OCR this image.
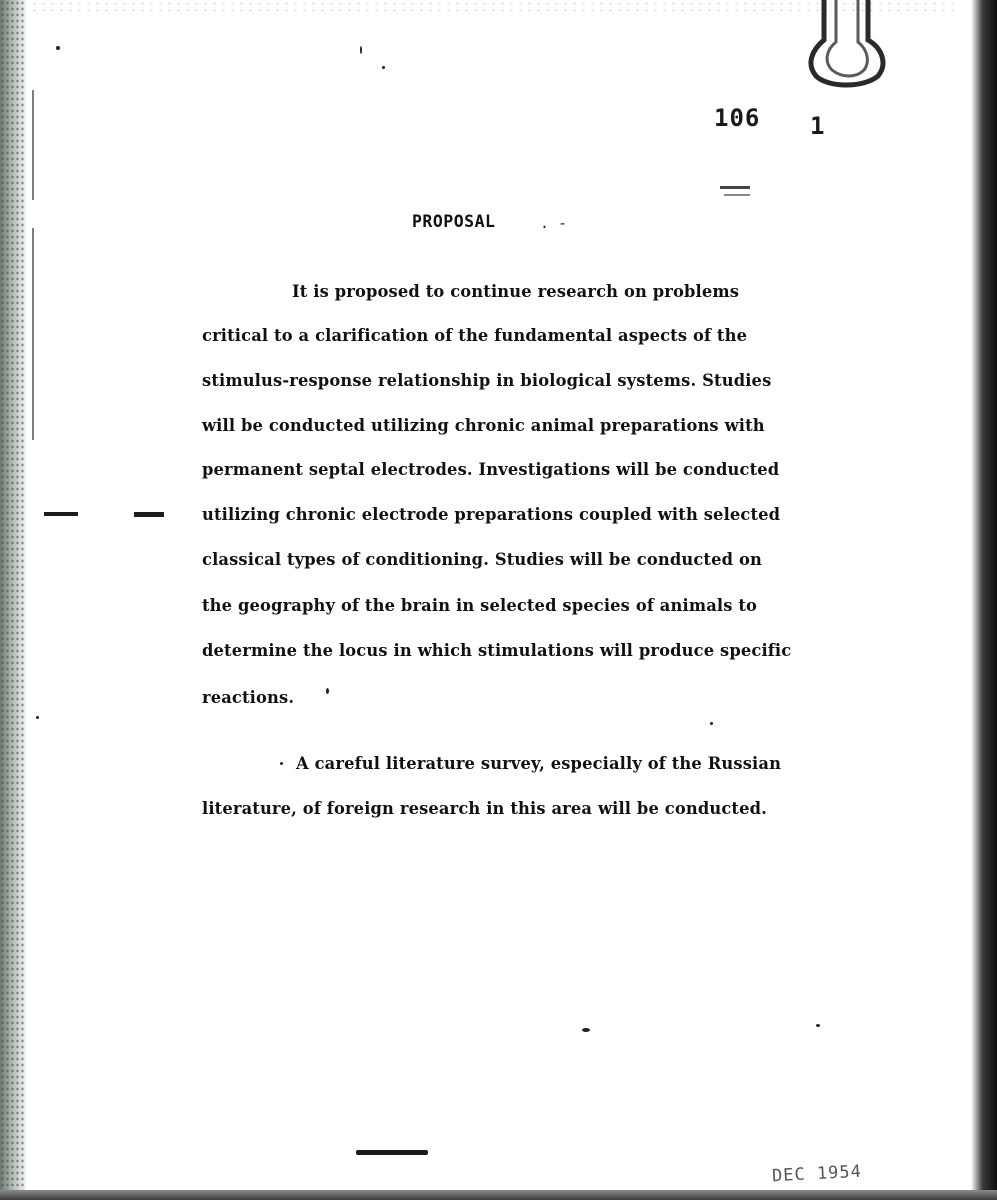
106 1
PROPOSAL	. -
It is proposed to continue research on problems
critical to a clarification of the fundamental aspects of the
stimulus-response relationship in biological systems. Studies
will be conducted utilizing chronic animal preparations with
permanent septal electrodes. Investigations will be conducted
utilizing chronic electrode preparations coupled with selected
classical types of conditioning. Studies will be conducted on
the geography of the brain in selected species of animals to
determine the locus in which stimulations will produce specific
reactions.
A careful literature survey, especially of the Russian
literature, of foreign research in this area will be conducted.
DEC 1954
